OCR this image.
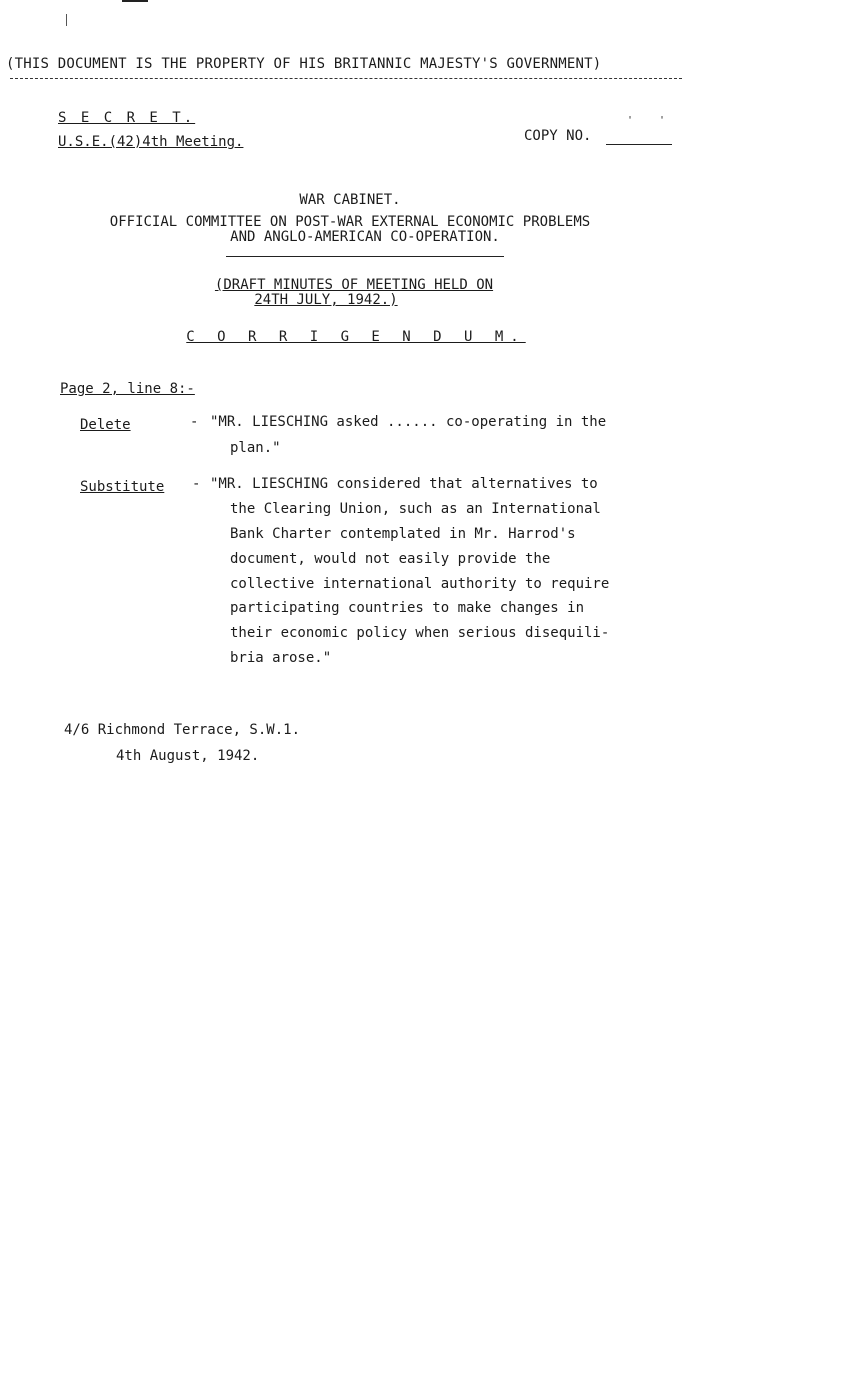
(THIS DOCUMENT IS THE PROPERTY OF HIS BRITANNIC MAJESTY'S GOVERNMENT)
S E C R E T.
U.S.E.(42)4th Meeting.	COPY NO.
' '
WAR CABINET.
OFFICIAL COMMITTEE ON POST-WAR EXTERNAL ECONOMIC PROBLEMS
AND ANGLO-AMERICAN CO-OPERATION.
(DRAFT MINUTES OF MEETING HELD ON
24TH JULY, 1942.)
C O R R I G E N D U M.
Page 2, line 8:-
Delete	- "MR. LIESCHING asked ...... co-operating in the
plan."
Substitute - "MR. LIESCHING considered that alternatives to
the Clearing Union, such as an International
Bank Charter contemplated in Mr. Harrod's
document, would not easily provide the
collective international authority to require
participating countries to make changes in
their economic policy when serious disequili-
bria arose."
4/6 Richmond Terrace, S.W.1.
4th August, 1942.
